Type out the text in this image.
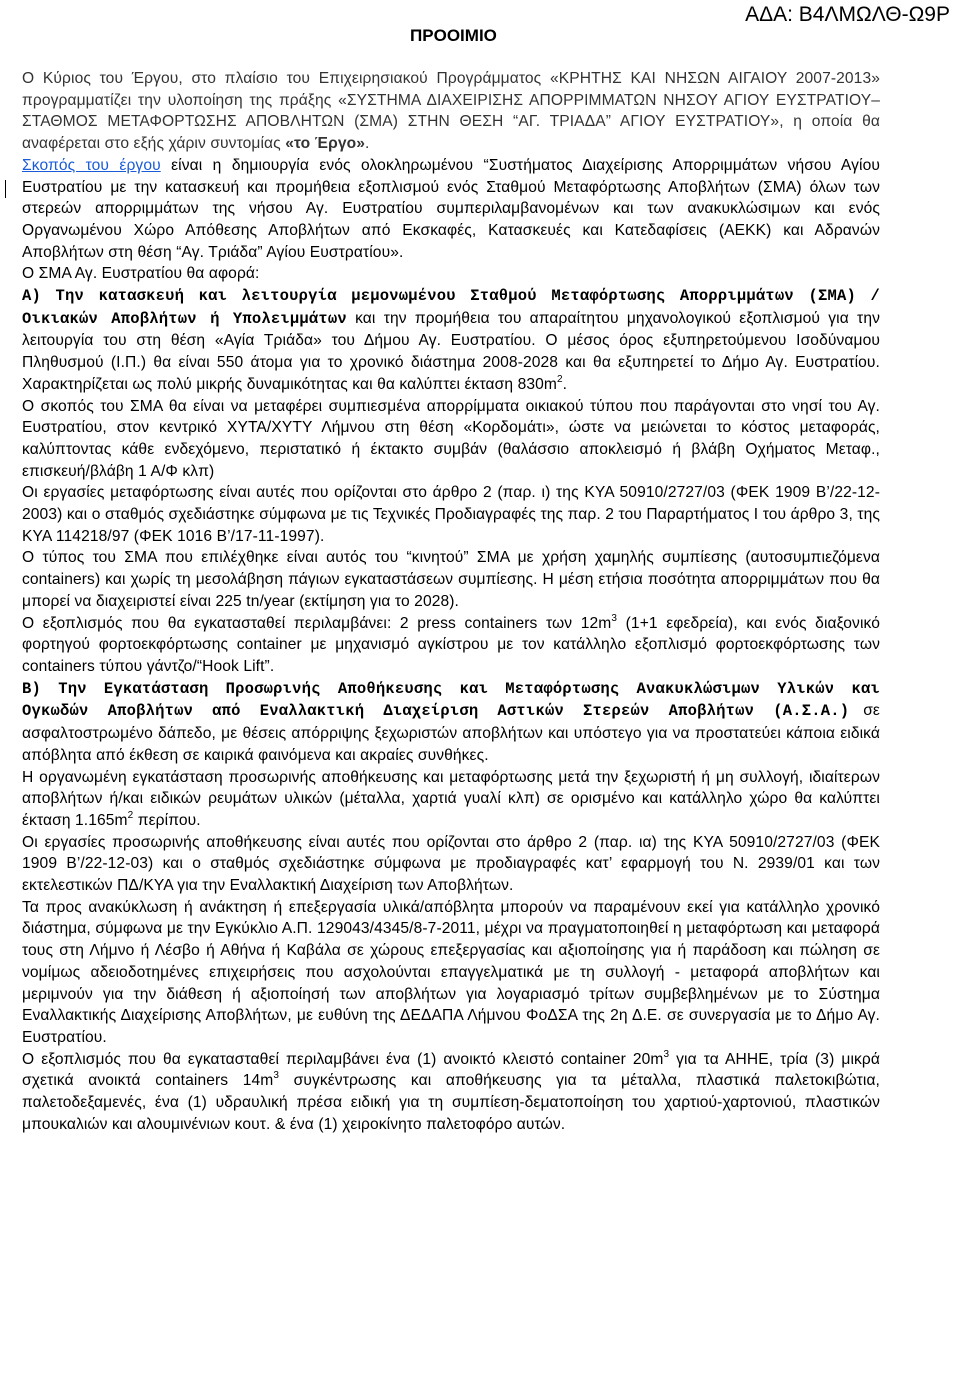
ΠΡΟΟΙΜΙΟ
ΑΔΑ: Β4ΛΜΩΛΘ-Ω9Ρ

Ο Κύριος του Έργου, στο πλαίσιο του Επιχειρησιακού Προγράμματος «ΚΡΗΤΗΣ ΚΑΙ ΝΗΣΩΝ ΑΙΓΑΙΟΥ 2007-2013» προγραμματίζει την υλοποίηση της πράξης «ΣΥΣΤΗΜΑ ΔΙΑΧΕΙΡΙΣΗΣ ΑΠΟΡΡΙΜΜΑΤΩΝ ΝΗΣΟΥ ΑΓΙΟΥ ΕΥΣΤΡΑΤΙΟΥ–ΣΤΑΘΜΟΣ ΜΕΤΑΦΟΡΤΩΣΗΣ ΑΠΟΒΛΗΤΩΝ (ΣΜΑ) ΣΤΗΝ ΘΕΣΗ “ΑΓ. ΤΡΙΑΔΑ” ΑΓΙΟΥ ΕΥΣΤΡΑΤΙΟΥ», η οποία θα αναφέρεται στο εξής χάριν συντομίας «το Έργο».

Σκοπός του έργου είναι η δημιουργία ενός ολοκληρωμένου “Συστήματος Διαχείρισης Απορριμμάτων νήσου Αγίου Ευστρατίου με την κατασκευή και προμήθεια εξοπλισμού ενός Σταθμού Μεταφόρτωσης Αποβλήτων (ΣΜΑ) όλων των στερεών απορριμμάτων της νήσου Αγ. Ευστρατίου συμπεριλαμβανομένων και των ανακυκλώσιμων και ενός Οργανωμένου Χώρο Απόθεσης Αποβλήτων από Εκσκαφές, Κατασκευές και Κατεδαφίσεις (ΑΕΚΚ) και Αδρανών Αποβλήτων στη θέση “Αγ. Τριάδα” Αγίου Ευστρατίου».

Ο ΣΜΑ Αγ. Ευστρατίου θα αφορά:

Α) Την κατασκευή και λειτουργία μεμονωμένου Σταθμού Μεταφόρτωσης Απορριμμάτων (ΣΜΑ) / Οικιακών Αποβλήτων ή Υπολειμμάτων και την προμήθεια του απαραίτητου μηχανολογικού εξοπλισμού για την λειτουργία του στη θέση «Αγία Τριάδα» του Δήμου Αγ. Ευστρατίου. Ο μέσος όρος εξυπηρετούμενου Ισοδύναμου Πληθυσμού (Ι.Π.) θα είναι 550 άτομα για το χρονικό διάστημα 2008-2028 και θα εξυπηρετεί το Δήμο Αγ. Ευστρατίου. Χαρακτηρίζεται ως πολύ μικρής δυναμικότητας και θα καλύπτει έκταση $830m^2$.

Ο σκοπός του ΣΜΑ θα είναι να μεταφέρει συμπιεσμένα απορρίμματα οικιακού τύπου που παράγονται στο νησί του Αγ. Ευστρατίου, στον κεντρικό ΧΥΤΑ/ΧΥΤΥ Λήμνου στη θέση «Κορδομάτι», ώστε να μειώνεται το κόστος μεταφοράς, καλύπτοντας κάθε ενδεχόμενο, περιστατικό ή έκτακτο συμβάν (θαλάσσιο αποκλεισμό ή βλάβη Οχήματος Μεταφ., επισκευή/βλάβη 1 Α/Φ κλπ)

Οι εργασίες μεταφόρτωσης είναι αυτές που ορίζονται στο άρθρο 2 (παρ. ι) της ΚΥΑ 50910/2727/03 (ΦΕΚ 1909 Β’/22-12-2003) και ο σταθμός σχεδιάστηκε σύμφωνα με τις Τεχνικές Προδιαγραφές της παρ. 2 του Παραρτήματος Ι του άρθρο 3, της ΚΥΑ 114218/97 (ΦΕΚ 1016 Β’/17-11-1997).

Ο τύπος του ΣΜΑ που επιλέχθηκε είναι αυτός του “κινητού” ΣΜΑ με χρήση χαμηλής συμπίεσης (αυτοσυμπιεζόμενα containers) και χωρίς τη μεσολάβηση πάγιων εγκαταστάσεων συμπίεσης. Η μέση ετήσια ποσότητα απορριμμάτων που θα μπορεί να διαχειριστεί είναι 225 tn/year (εκτίμηση για το 2028).

Ο εξοπλισμός που θα εγκατασταθεί περιλαμβάνει: 2 press containers των $12m^3$ (1+1 εφεδρεία), και ενός διαξονικό φορτηγού φορτοεκφόρτωσης container με μηχανισμό αγκίστρου με τον κατάλληλο εξοπλισμό φορτοεκφόρτωσης των containers τύπου γάντζο/“Hook Lift”.

Β) Την Εγκατάσταση Προσωρινής Αποθήκευσης και Μεταφόρτωσης Ανακυκλώσιμων Υλικών και Ογκωδών Αποβλήτων από Εναλλακτική Διαχείριση Αστικών Στερεών Αποβλήτων (Α.Σ.Α.) σε ασφαλτοστρωμένο δάπεδο, με θέσεις απόρριψης ξεχωριστών αποβλήτων και υπόστεγο για να προστατεύει κάποια ειδικά απόβλητα από έκθεση σε καιρικά φαινόμενα και ακραίες συνθήκες.

Η οργανωμένη εγκατάσταση προσωρινής αποθήκευσης και μεταφόρτωσης μετά την ξεχωριστή ή μη συλλογή, ιδιαίτερων αποβλήτων ή/και ειδικών ρευμάτων υλικών (μέταλλα, χαρτιά γυαλί κλπ) σε ορισμένο και κατάλληλο χώρο θα καλύπτει έκταση $1.165m^2$ περίπου.

Οι εργασίες προσωρινής αποθήκευσης είναι αυτές που ορίζονται στο άρθρο 2 (παρ. ια) της ΚΥΑ 50910/2727/03 (ΦΕΚ 1909 Β’/22-12-03) και ο σταθμός σχεδιάστηκε σύμφωνα με προδιαγραφές κατ’ εφαρμογή του Ν. 2939/01 και των εκτελεστικών ΠΔ/ΚΥΑ για την Εναλλακτική Διαχείριση των Αποβλήτων.

Τα προς ανακύκλωση ή ανάκτηση ή επεξεργασία υλικά/απόβλητα μπορούν να παραμένουν εκεί για κατάλληλο χρονικό διάστημα, σύμφωνα με την Εγκύκλιο Α.Π. 129043/4345/8-7-2011, μέχρι να πραγματοποιηθεί η μεταφόρτωση και μεταφορά τους στη Λήμνο ή Λέσβο ή Αθήνα ή Καβάλα σε χώρους επεξεργασίας και αξιοποίησης για ή παράδοση και πώληση σε νομίμως αδειοδοτημένες επιχειρήσεις που ασχολούνται επαγγελματικά με τη συλλογή - μεταφορά αποβλήτων και μεριμνούν για την διάθεση ή αξιοποίησή των αποβλήτων για λογαριασμό τρίτων συμβεβλημένων με το Σύστημα Εναλλακτικής Διαχείρισης Αποβλήτων, με ευθύνη της ΔΕΔΑΠΑ Λήμνου ΦοΔΣΑ της 2η Δ.Ε. σε συνεργασία με το Δήμο Αγ. Ευστρατίου.

Ο εξοπλισμός που θα εγκατασταθεί περιλαμβάνει ένα (1) ανοικτό κλειστό container $20m^3$ για τα ΑΗΗΕ, τρία (3) μικρά σχετικά ανοικτά containers $14m^3$ συγκέντρωσης και αποθήκευσης για τα μέταλλα, πλαστικά παλετοκιβώτια, παλετοδεξαμενές, ένα (1) υδραυλική πρέσα ειδική για τη συμπίεση-δεματοποίηση του χαρτιού-χαρτονιού, πλαστικών μπουκαλιών και αλουμινένιων κουτ. & ένα (1) χειροκίνητο παλετοφόρο αυτών.
